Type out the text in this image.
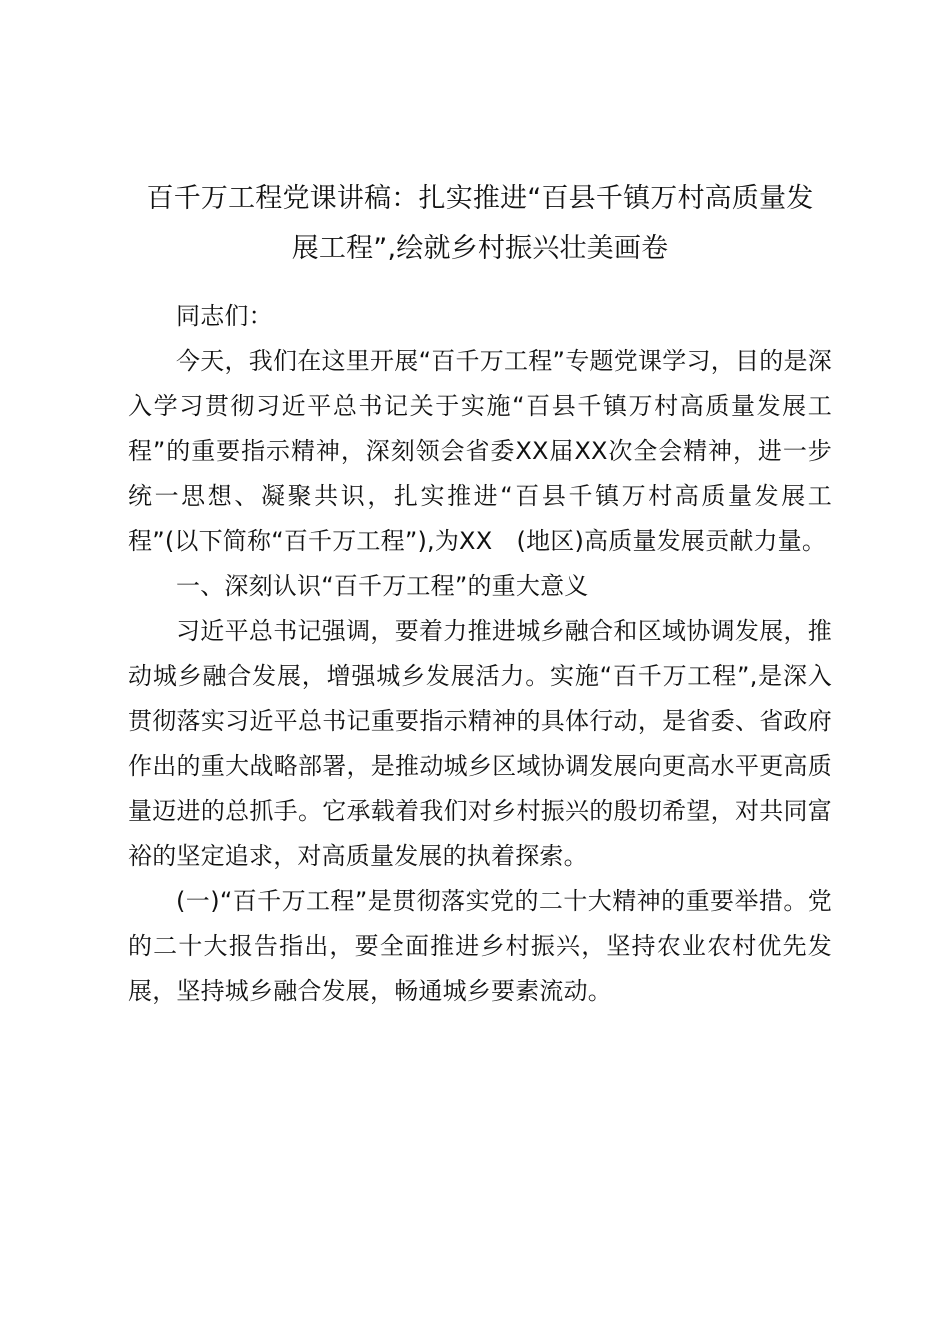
百千万工程党课讲稿：扎实推进“百县千镇万村高质量发
展工程”,绘就乡村振兴壮美画卷

同志们：

今天，我们在这里开展“百千万工程”专题党课学习，目的是深入学习贯彻习近平总书记关于实施“百县千镇万村高质量发展工程”的重要指示精神，深刻领会省委XX届XX次全会精神，进一步统一思想、凝聚共识，扎实推进“百县千镇万村高质量发展工程”(以下简称“百千万工程”),为XX　(地区)高质量发展贡献力量。

一、深刻认识“百千万工程”的重大意义

习近平总书记强调，要着力推进城乡融合和区域协调发展，推动城乡融合发展，增强城乡发展活力。实施“百千万工程”,是深入贯彻落实习近平总书记重要指示精神的具体行动，是省委、省政府作出的重大战略部署，是推动城乡区域协调发展向更高水平更高质量迈进的总抓手。它承载着我们对乡村振兴的殷切希望，对共同富裕的坚定追求，对高质量发展的执着探索。

(一)“百千万工程”是贯彻落实党的二十大精神的重要举措。党的二十大报告指出，要全面推进乡村振兴，坚持农业农村优先发展，坚持城乡融合发展，畅通城乡要素流动。
